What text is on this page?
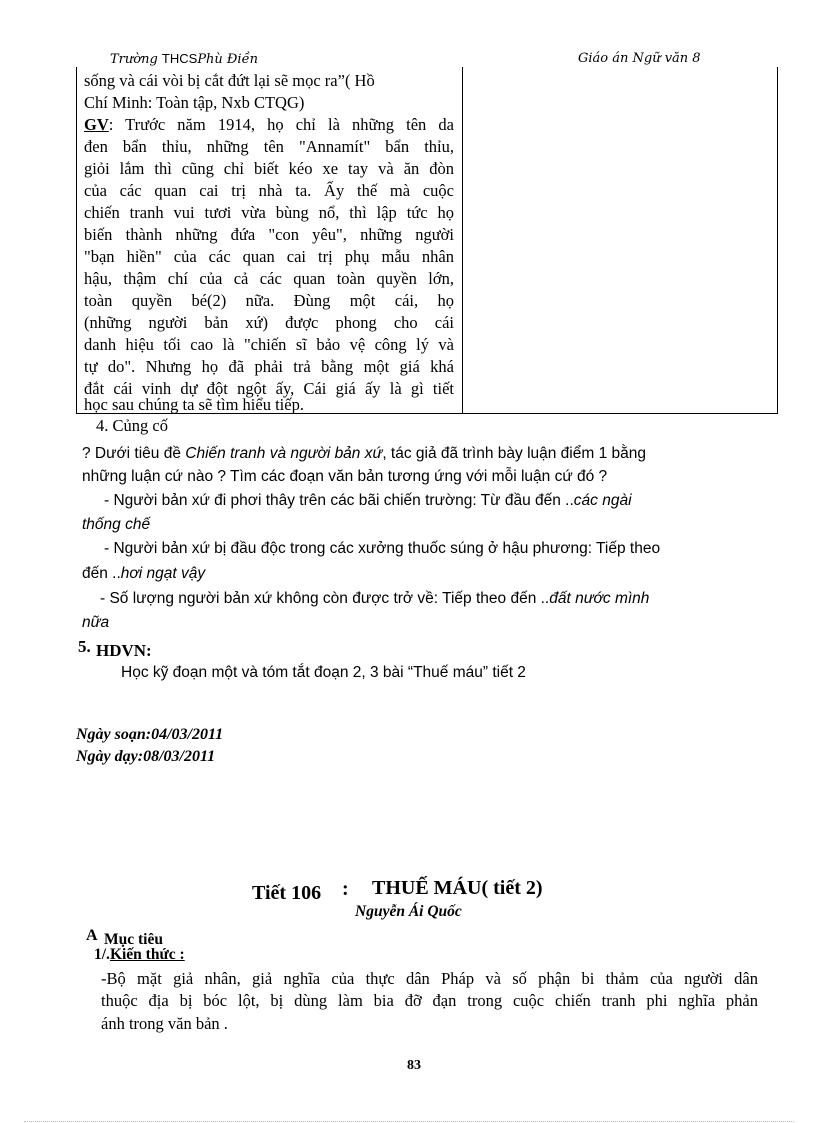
Trường THCSPhù Điền	Giáo án Ngữ văn 8
sống và cái vòi bị cắt đứt lại sẽ mọc ra”( Hồ
Chí Minh: Toàn tập, Nxb CTQG)
GV: Trước năm 1914, họ chỉ là những tên da
đen bẩn thỉu, những tên "Annamít" bẩn thỉu,
giỏi lắm thì cũng chỉ biết kéo xe tay và ăn đòn
của các quan cai trị nhà ta. Ấy thế mà cuộc
chiến tranh vui tươi vừa bùng nổ, thì lập tức họ
biến thành những đứa "con yêu", những người
"bạn hiền" của các quan cai trị phụ mẫu nhân
hậu, thậm chí của cả các quan toàn quyền lớn,
toàn quyền bé(2) nữa. Đùng một cái, họ
(những người bản xứ) được phong cho cái
danh hiệu tối cao là "chiến sĩ bảo vệ công lý và
tự do". Nhưng họ đã phải trả bằng một giá khá
đắt cái vinh dự đột ngột ấy, Cái giá ấy là gì tiết
học sau chúng ta sẽ tìm hiểu tiếp.
4. Củng cố
? Dưới tiêu đề Chiến tranh và người bản xứ, tác giả đã trình bày luận điểm 1 bằng
những luận cứ nào ? Tìm các đoạn văn bản tương ứng với mỗi luận cứ đó ?
- Người bản xứ đi phơi thây trên các bãi chiến trường: Từ đầu đến ..các ngài
thống chế
- Người bản xứ bị đầu độc trong các xưởng thuốc súng ở hậu phương: Tiếp theo
đến ..hơi ngạt vậy
- Số lượng người bản xứ không còn được trở về: Tiếp theo đến ..đất nước mình
nữa
5. HDVN:
Học kỹ đoạn một và tóm tắt đoạn 2, 3 bài “Thuế máu” tiết 2
Ngày soạn:04/03/2011
Ngày dạy:08/03/2011
Tiết 106 : THUẾ MÁU( tiết 2)
Nguyễn Ái Quốc
A Mục tiêu
1/.Kiến thức :
-Bộ mặt giả nhân, giả nghĩa của thực dân Pháp và số phận bi thảm của người dân
thuộc địa bị bóc lột, bị dùng làm bia đỡ đạn trong cuộc chiến tranh phi nghĩa phản
ánh trong văn bản .
83
